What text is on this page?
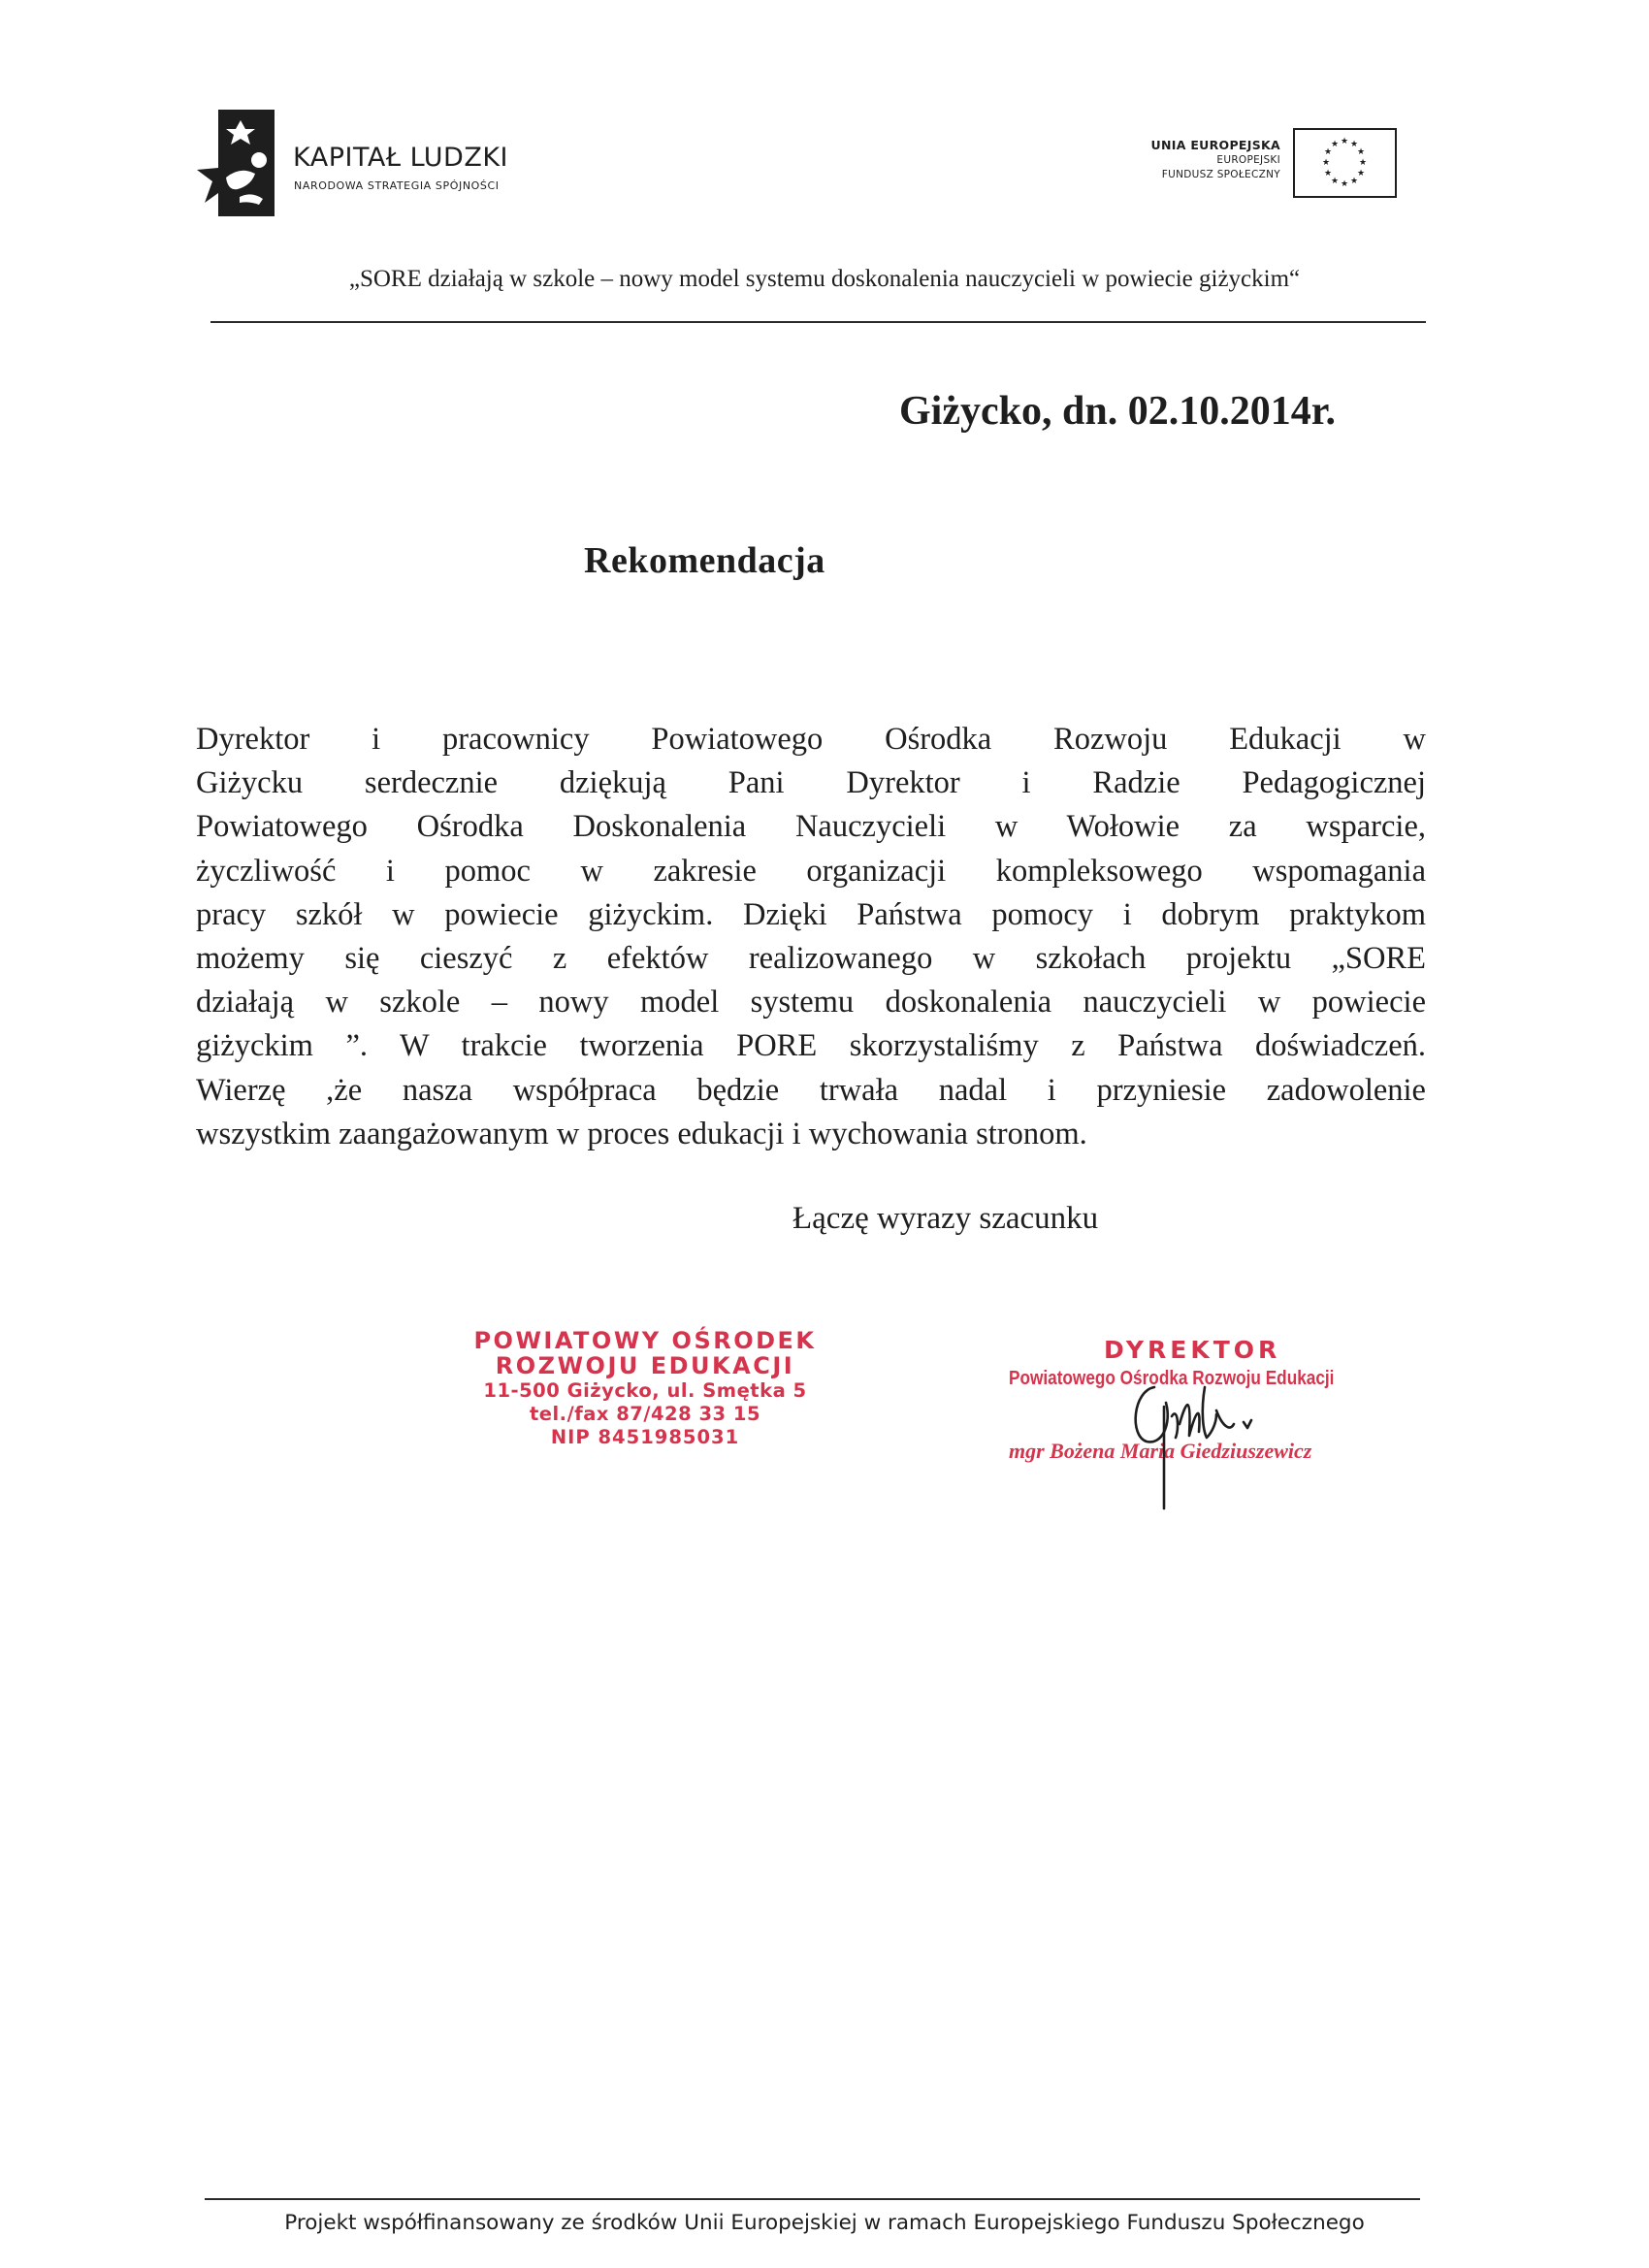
KAPITAŁ LUDZKI
NARODOWA STRATEGIA SPÓJNOŚCI
UNIA EUROPEJSKA
EUROPEJSKI
FUNDUSZ SPOŁECZNY
★ ★
★
★
★
★
★
★
★
★
★
★
„SORE działają w szkole – nowy model systemu doskonalenia nauczycieli w powiecie giżyckim“
Giżycko, dn. 02.10.2014r.
Rekomendacja
Dyrektor i pracownicy Powiatowego Ośrodka Rozwoju Edukacji w
Giżycku serdecznie dziękują Pani Dyrektor i Radzie Pedagogicznej
Powiatowego Ośrodka Doskonalenia Nauczycieli w Wołowie za wsparcie,
życzliwość i pomoc w zakresie organizacji kompleksowego wspomagania
pracy szkół w powiecie giżyckim. Dzięki Państwa pomocy i dobrym praktykom
możemy się cieszyć z efektów realizowanego w szkołach projektu „SORE
działają w szkole – nowy model systemu doskonalenia nauczycieli w powiecie
giżyckim ”. W trakcie tworzenia PORE skorzystaliśmy z Państwa doświadczeń.
Wierzę ,że nasza współpraca będzie trwała nadal i przyniesie zadowolenie
wszystkim zaangażowanym w proces edukacji i wychowania stronom.
Łączę wyrazy szacunku
POWIATOWY OŚRODEK
ROZWOJU EDUKACJI
11-500 Giżycko, ul. Smętka 5
tel./fax 87/428 33 15
NIP 8451985031
DYREKTOR
Powiatowego Ośrodka Rozwoju Edukacji
mgr Bożena Maria Giedziuszewicz
Projekt współfinansowany ze środków Unii Europejskiej w ramach Europejskiego Funduszu Społecznego
